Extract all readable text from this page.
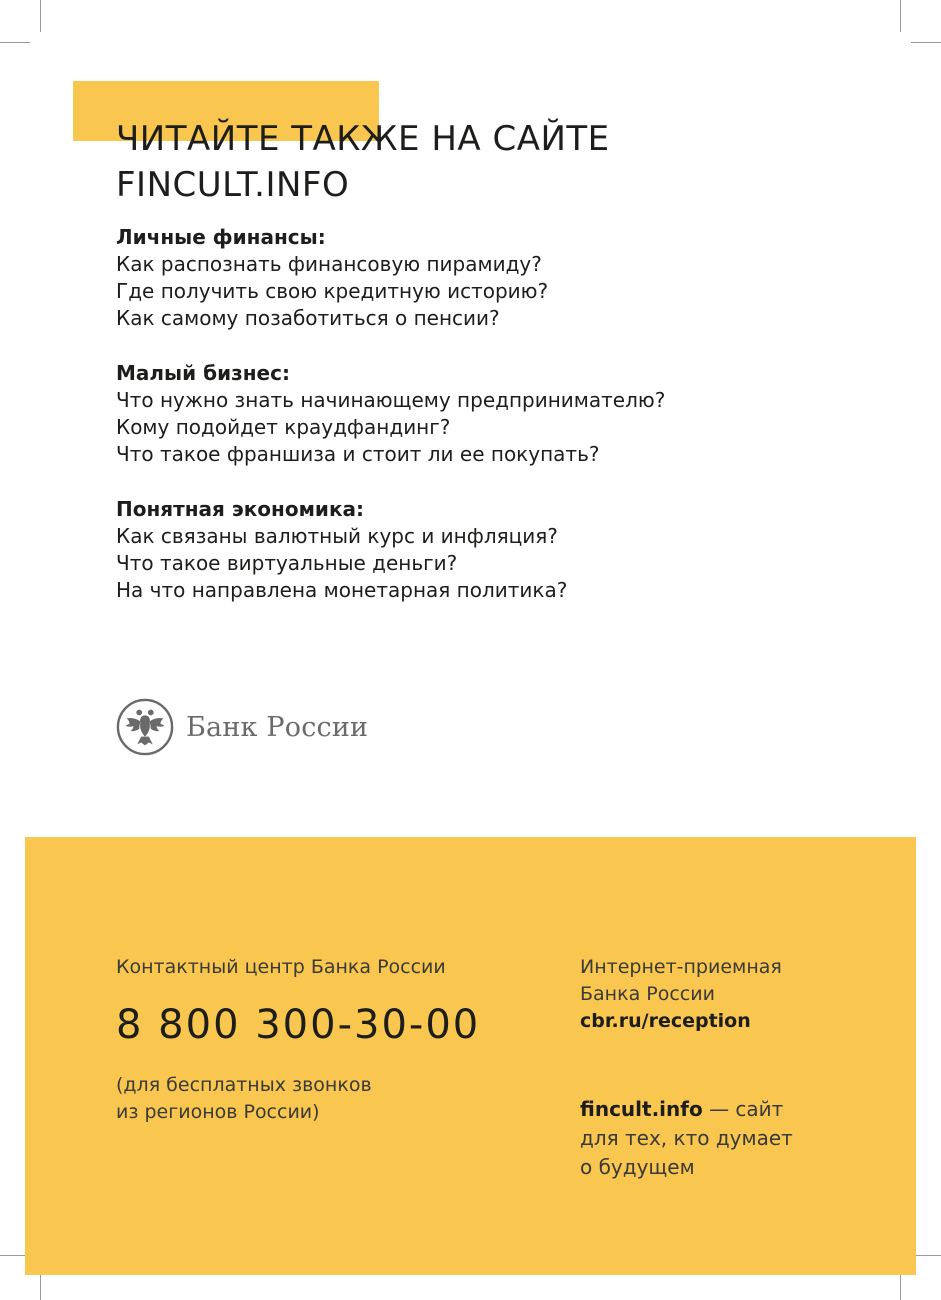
ЧИТАЙТЕ ТАКЖЕ НА САЙТЕ
FINCULT.INFO

Личные финансы:

Как распознать финансовую пирамиду?
Где получить свою кредитную историю?
Как самому позаботиться о пенсии?

Малый бизнес:

Что нужно знать начинающему предпринимателю?
Кому подойдет краудфандинг?
Что такое франшиза и стоит ли ее покупать?

Понятная экономика:

Как связаны валютный курс и инфляция?
Что такое виртуальные деньги?
На что направлена монетарная политика?
Банк России
Контактный центр Банка России
8 800 300-30-00
(для бесплатных звонков
из регионов России)
Интернет-приемная
Банка России
cbr.ru/reception
fincult.info — сайт
для тех, кто думает
о будущем
